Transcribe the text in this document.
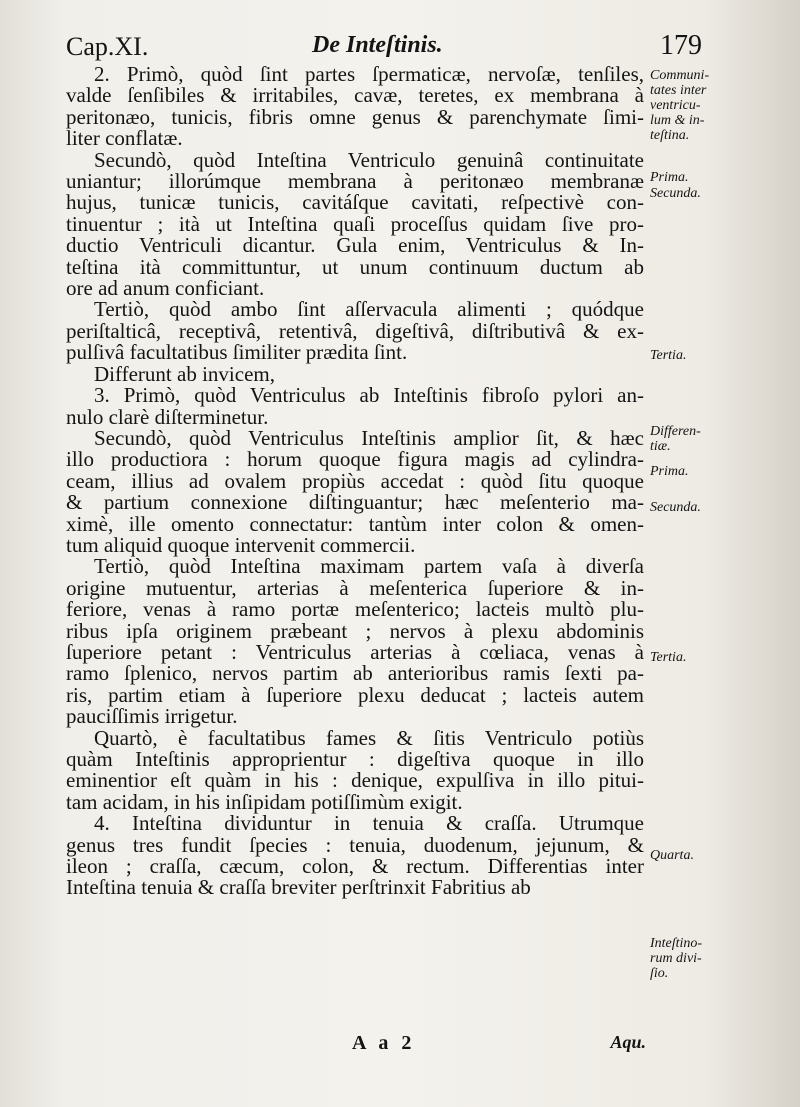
Cap.XI.	De Inteſtinis.	179

2. Primò, quòd ſint partes ſpermaticæ, nervoſæ, tenſiles,
valde ſenſibiles & irritabiles, cavæ, teretes, ex membrana à
peritonæo, tunicis, fibris omne genus & parenchymate ſimi-
liter conflatæ.

Secundò, quòd Inteſtina Ventriculo genuinâ continuitate
uniantur; illorúmque membrana à peritonæo membranæ
hujus, tunicæ tunicis, cavitáſque cavitati, reſpectivè con-
tinuentur ; ità ut Inteſtina quaſi proceſſus quidam ſive pro-
ductio Ventriculi dicantur. Gula enim, Ventriculus & In-
teſtina ità committuntur, ut unum continuum ductum ab
ore ad anum conficiant.

Tertiò, quòd ambo ſint aſſervacula alimenti ; quódque
periſtalticâ, receptivâ, retentivâ, digeſtivâ, diſtributivâ & ex-
pulſivâ facultatibus ſimiliter prædita ſint.

Differunt ab invicem,

3. Primò, quòd Ventriculus ab Inteſtinis fibroſo pylori an-
nulo clarè diſterminetur.

Secundò, quòd Ventriculus Inteſtinis amplior ſit, & hæc
illo productiora : horum quoque figura magis ad cylindra-
ceam, illius ad ovalem propiùs accedat : quòd ſitu quoque
& partium connexione diſtinguantur; hæc meſenterio ma-
ximè, ille omento connectatur: tantùm inter colon & omen-
tum aliquid quoque intervenit commercii.

Tertiò, quòd Inteſtina maximam partem vaſa à diverſa
origine mutuentur, arterias à meſenterica ſuperiore & in-
feriore, venas à ramo portæ meſenterico; lacteis multò plu-
ribus ipſa originem præbeant ; nervos à plexu abdominis
ſuperiore petant : Ventriculus arterias à cœliaca, venas à
ramo ſplenico, nervos partim ab anterioribus ramis ſexti pa-
ris, partim etiam à ſuperiore plexu deducat ; lacteis autem
pauciſſimis irrigetur.

Quartò, è facultatibus fames & ſitis Ventriculo potiùs
quàm Inteſtinis approprientur : digeſtiva quoque in illo
eminentior eſt quàm in his : denique, expulſiva in illo pitui-
tam acidam, in his inſipidam potiſſimùm exigit.

4. Inteſtina dividuntur in tenuia & craſſa. Utrumque
genus tres fundit ſpecies : tenuia, duodenum, jejunum, &
ileon ; craſſa, cæcum, colon, & rectum. Differentias inter
Inteſtina tenuia & craſſa breviter perſtrinxit Fabritius ab

Communi-
tates inter ventricu-
lum & in-
teſtina.
Prima.
Secunda.
Tertia.
Differen-
tiæ.
Prima.
Secunda.
Tertia.
Quarta.
Inteſtino-
rum divi-
ſio.
A a 2	Aqu.
